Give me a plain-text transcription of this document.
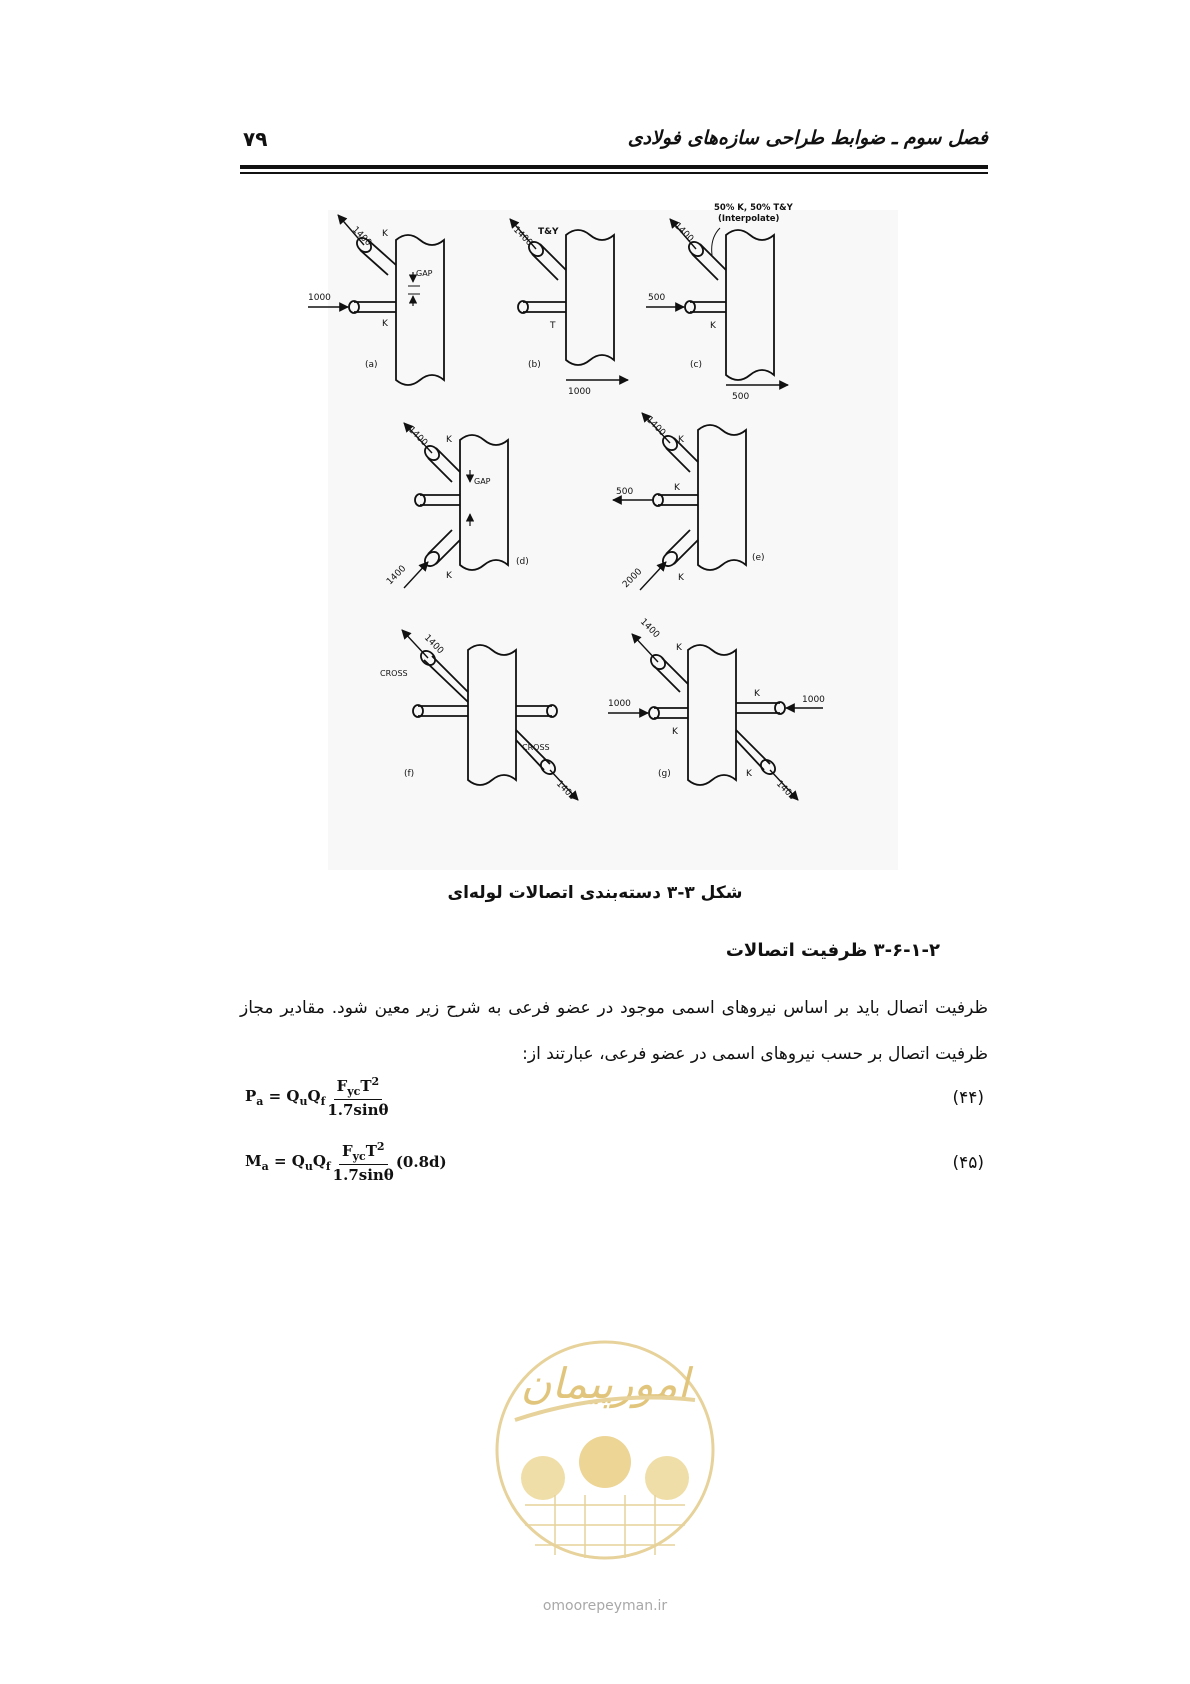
فصل سوم ـ ضوابط طراحی سازه‌های فولادی
۷۹
1400
1000
K
K
GAP
(a)
1400 T&Y
T
1000
(b)
1400
50% K, 50% T&Y
(Interpolate)
500
K
500
(c)
1400
1400
K
K
GAP
(d)
1400
500
2000
K
K
K
(e)
1400
CROSS
CROSS
1400
(f)
1400
1000	1000
1400
K
K
K
K
(g)
شکل ۳-۳ دسته‌بندی اتصالات لوله‌ای
۳-۶-۱-۲ ظرفیت اتصالات
ظرفیت اتصال باید بر اساس نیروهای اسمی موجود در عضو فرعی به شرح زیر معین شود. مقادیر مجاز ظرفیت اتصال بر حسب نیروهای اسمی در عضو فرعی، عبارتند از:
$P_a = Q_uQ_f \frac{F_{yc}T^2}{1.7\sin\theta}$	(۴۴)
$M_a = Q_uQ_f \frac{F_{yc}T^2}{1.7\sin\theta} (0.8d)$	(۴۵)
امورپیمان
omoorepeyman.ir
